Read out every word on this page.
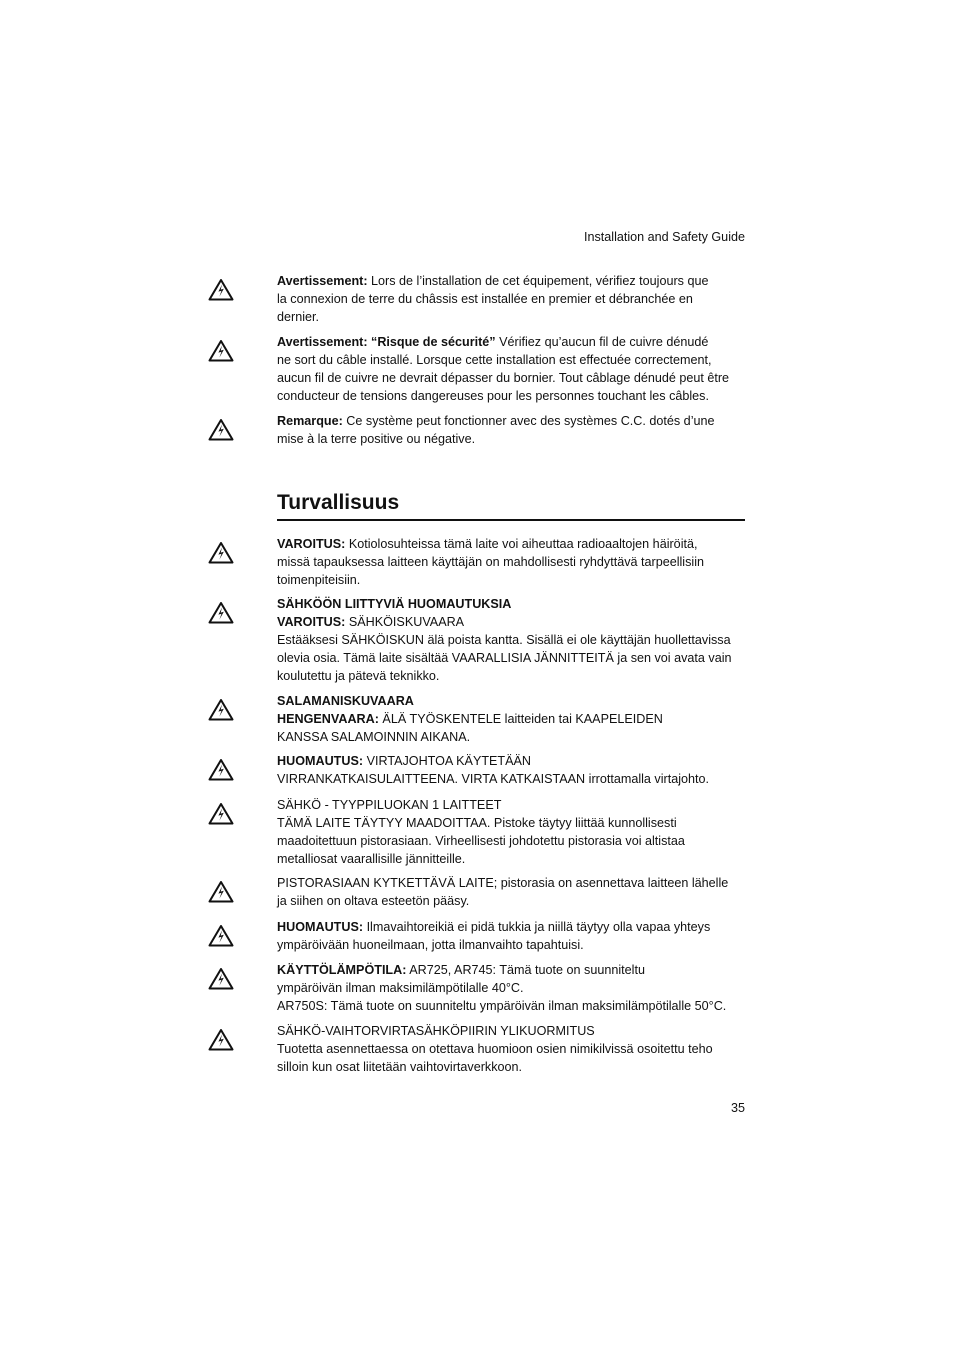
Installation and Safety Guide
Avertissement: Lors de l’installation de cet équipement, vérifiez toujours que
la connexion de terre du châssis est installée en premier et débranchée en
dernier.
Avertissement: “Risque de sécurité” Vérifiez qu’aucun fil de cuivre dénudé
ne sort du câble installé. Lorsque cette installation est effectuée correctement,
aucun fil de cuivre ne devrait dépasser du bornier. Tout câblage dénudé peut être
conducteur de tensions dangereuses pour les personnes touchant les câbles.
Remarque: Ce système peut fonctionner avec des systèmes C.C. dotés d’une
mise à la terre positive ou négative.
Turvallisuus
VAROITUS: Kotiolosuhteissa tämä laite voi aiheuttaa radioaaltojen häiröitä,
missä tapauksessa laitteen käyttäjän on mahdollisesti ryhdyttävä tarpeellisiin
toimenpiteisiin.
SÄHKÖÖN LIITTYVIÄ HUOMAUTUKSIA
VAROITUS: SÄHKÖISKUVAARA
Estääksesi SÄHKÖISKUN älä poista kantta. Sisällä ei ole käyttäjän huollettavissa
olevia osia. Tämä laite sisältää VAARALLISIA JÄNNITTEITÄ ja sen voi avata vain
koulutettu ja pätevä teknikko.
SALAMANISKUVAARA
HENGENVAARA: ÄLÄ TYÖSKENTELE laitteiden tai KAAPELEIDEN
KANSSA SALAMOINNIN AIKANA.
HUOMAUTUS: VIRTAJOHTOA KÄYTETÄÄN
VIRRANKATKAISULAITTEENA. VIRTA KATKAISTAAN irrottamalla virtajohto.
SÄHKÖ - TYYPPILUOKAN 1 LAITTEET
TÄMÄ LAITE TÄYTYY MAADOITTAA. Pistoke täytyy liittää kunnollisesti
maadoitettuun pistorasiaan. Virheellisesti johdotettu pistorasia voi altistaa
metalliosat vaarallisille jännitteille.
PISTORASIAAN KYTKETTÄVÄ LAITE; pistorasia on asennettava laitteen lähelle
ja siihen on oltava esteetön pääsy.
HUOMAUTUS: Ilmavaihtoreikiä ei pidä tukkia ja niillä täytyy olla vapaa yhteys
ympäröivään huoneilmaan, jotta ilmanvaihto tapahtuisi.
KÄYTTÖLÄMPÖTILA: AR725, AR745: Tämä tuote on suunniteltu
ympäröivän ilman maksimilämpötilalle 40°C.
AR750S: Tämä tuote on suunniteltu ympäröivän ilman maksimilämpötilalle 50°C.
SÄHKÖ-VAIHTORVIRTASÄHKÖPIIRIN YLIKUORMITUS
Tuotetta asennettaessa on otettava huomioon osien nimikilvissä osoitettu teho
silloin kun osat liitetään vaihtovirtaverkkoon.
35
